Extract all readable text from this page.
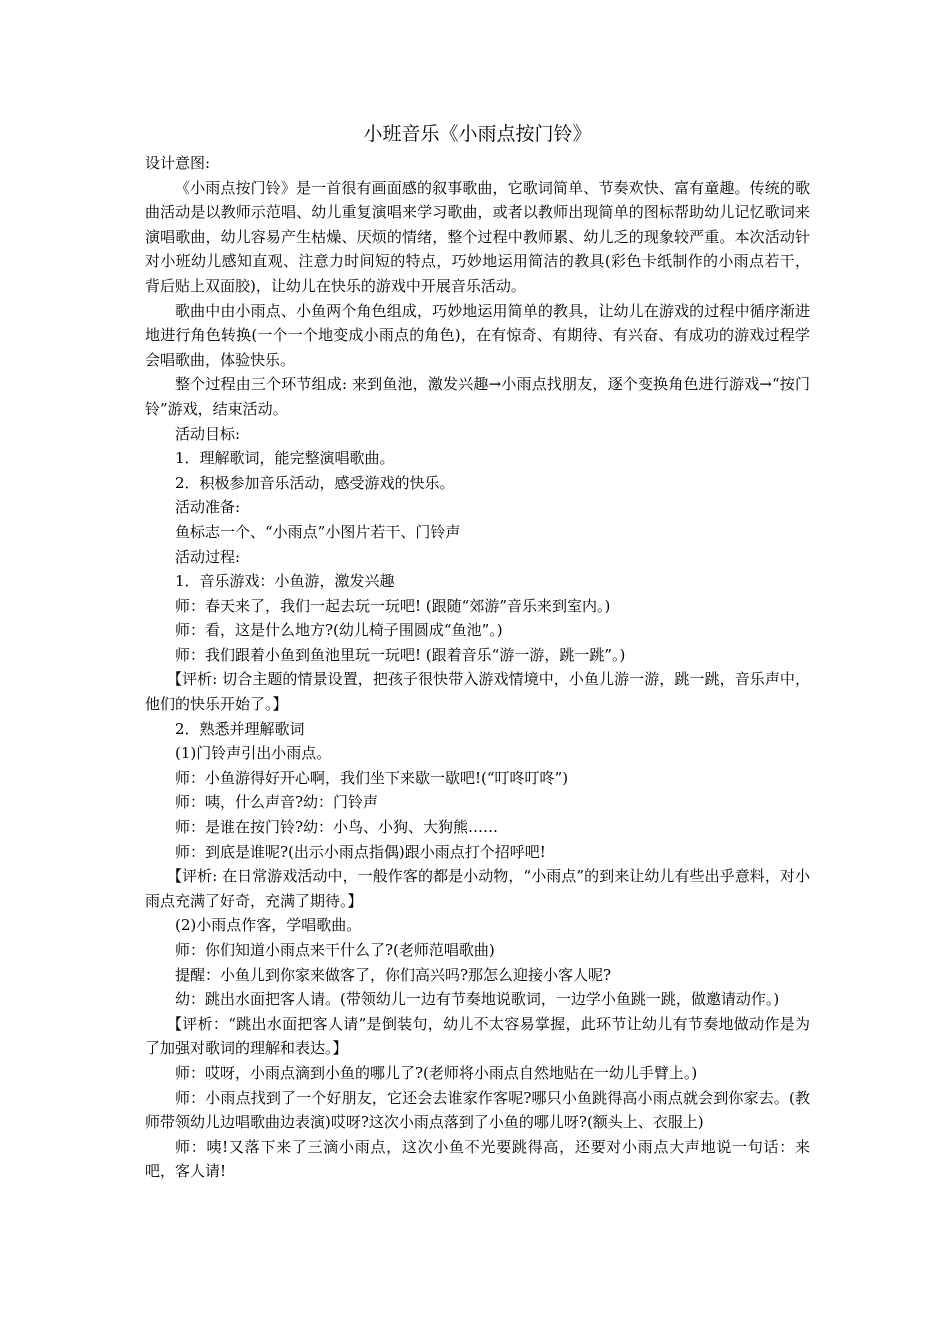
小班音乐《小雨点按门铃》

设计意图:

《小雨点按门铃》是一首很有画面感的叙事歌曲，它歌词简单、节奏欢快、富有童趣。传统的歌曲活动是以教师示范唱、幼儿重复演唱来学习歌曲，或者以教师出现简单的图标帮助幼儿记忆歌词来演唱歌曲，幼儿容易产生枯燥、厌烦的情绪，整个过程中教师累、幼儿乏的现象较严重。本次活动针对小班幼儿感知直观、注意力时间短的特点，巧妙地运用简洁的教具(彩色卡纸制作的小雨点若干，背后贴上双面胶)，让幼儿在快乐的游戏中开展音乐活动。

歌曲中由小雨点、小鱼两个角色组成，巧妙地运用简单的教具，让幼儿在游戏的过程中循序渐进地进行角色转换(一个一个地变成小雨点的角色)，在有惊奇、有期待、有兴奋、有成功的游戏过程学会唱歌曲，体验快乐。

整个过程由三个环节组成: 来到鱼池，激发兴趣→小雨点找朋友，逐个变换角色进行游戏→“按门铃”游戏，结束活动。

活动目标:

1．理解歌词，能完整演唱歌曲。

2．积极参加音乐活动，感受游戏的快乐。

活动准备:

鱼标志一个、“小雨点”小图片若干、门铃声

活动过程:

1．音乐游戏：小鱼游，激发兴趣

师：春天来了，我们一起去玩一玩吧! (跟随“郊游”音乐来到室内。)

师：看，这是什么地方?(幼儿椅子围圆成“鱼池”。)

师：我们跟着小鱼到鱼池里玩一玩吧! (跟着音乐“游一游，跳一跳”。)

【评析: 切合主题的情景设置，把孩子很快带入游戏情境中，小鱼儿游一游，跳一跳，音乐声中，他们的快乐开始了。】

2．熟悉并理解歌词

(1)门铃声引出小雨点。

师：小鱼游得好开心啊，我们坐下来歇一歇吧!(“叮咚叮咚”)

师：咦，什么声音?幼：门铃声

师：是谁在按门铃?幼：小鸟、小狗、大狗熊……

师：到底是谁呢?(出示小雨点指偶)跟小雨点打个招呼吧!

【评析: 在日常游戏活动中，一般作客的都是小动物，“小雨点”的到来让幼儿有些出乎意料，对小雨点充满了好奇，充满了期待。】

(2)小雨点作客，学唱歌曲。

师：你们知道小雨点来干什么了?(老师范唱歌曲)

提醒：小鱼儿到你家来做客了，你们高兴吗?那怎么迎接小客人呢?

幼：跳出水面把客人请。(带领幼儿一边有节奏地说歌词，一边学小鱼跳一跳，做邀请动作。)

【评析：“跳出水面把客人请”是倒装句，幼儿不太容易掌握，此环节让幼儿有节奏地做动作是为了加强对歌词的理解和表达。】

师：哎呀，小雨点滴到小鱼的哪儿了?(老师将小雨点自然地贴在一幼儿手臂上。)

师：小雨点找到了一个好朋友，它还会去谁家作客呢?哪只小鱼跳得高小雨点就会到你家去。(教师带领幼儿边唱歌曲边表演)哎呀?这次小雨点落到了小鱼的哪儿呀?(额头上、衣服上)

师：咦!又落下来了三滴小雨点，这次小鱼不光要跳得高，还要对小雨点大声地说一句话：来吧，客人请!
